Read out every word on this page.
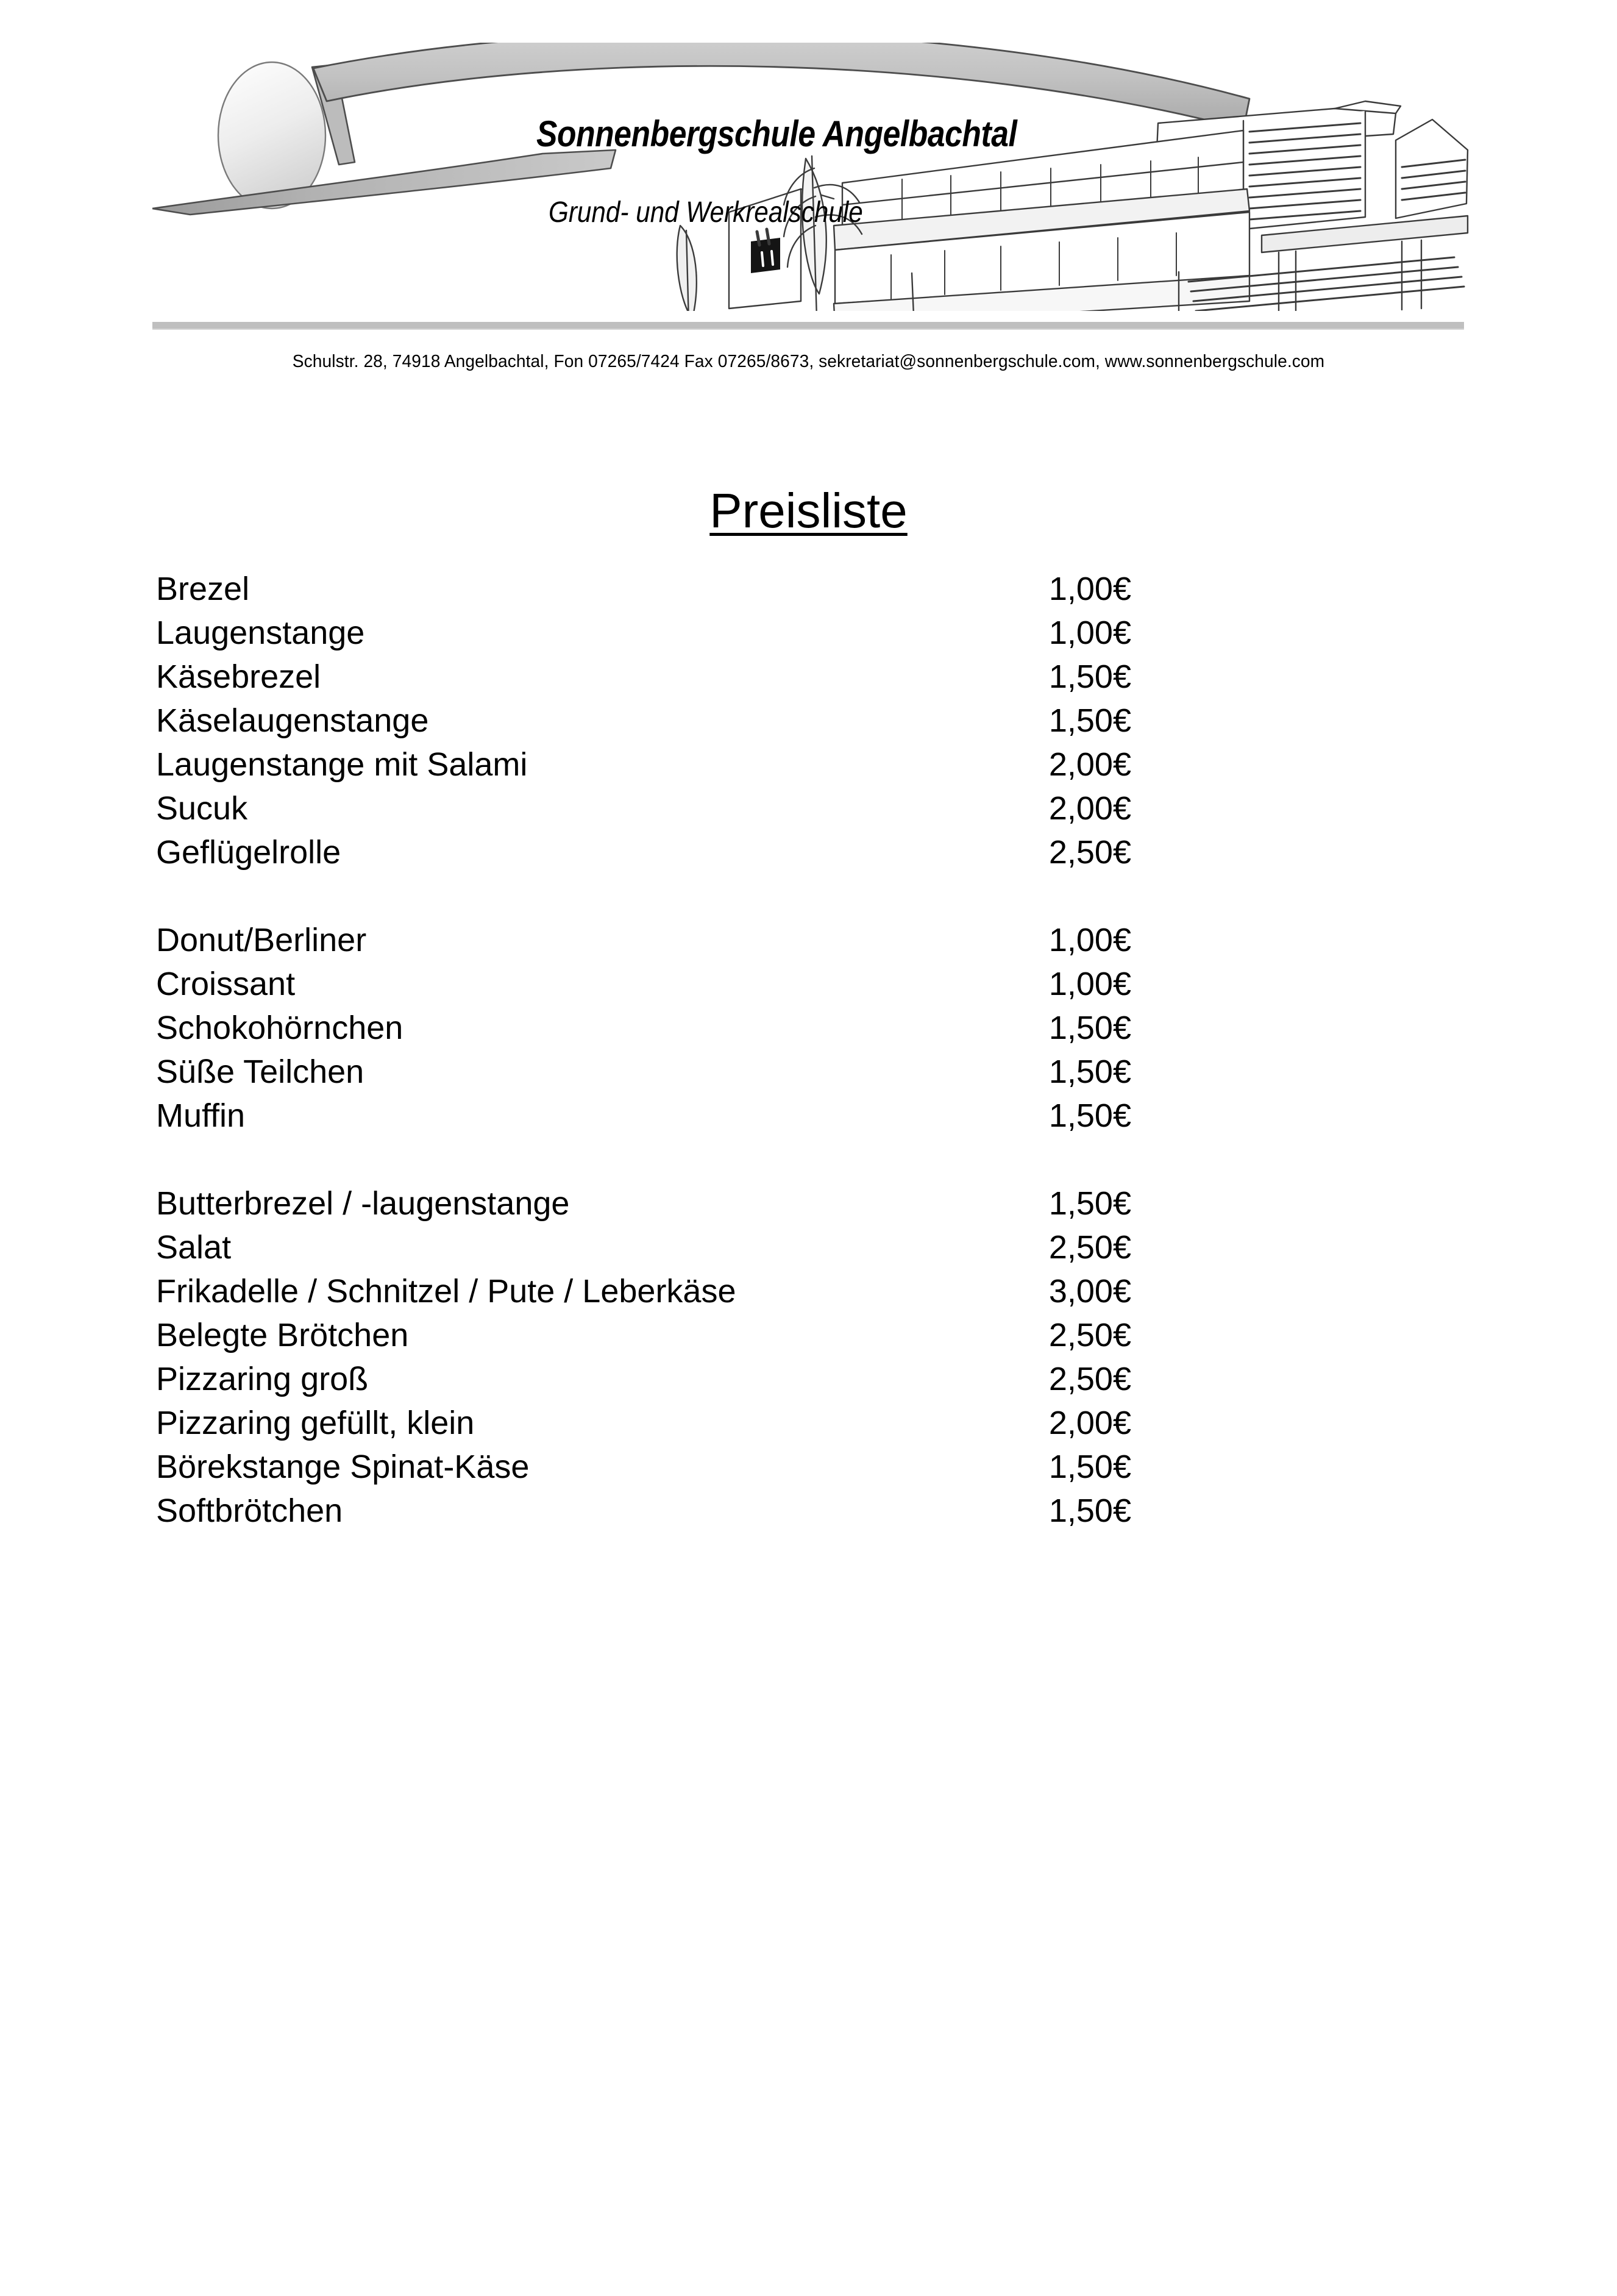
Sonnenbergschule Angelbachtal
Grund- und Werkrealschule
Schulstr. 28, 74918 Angelbachtal, Fon 07265/7424 Fax 07265/8673, sekretariat@sonnenbergschule.com, www.sonnenbergschule.com
Preisliste
Brezel	1,00€
Laugenstange	1,00€
Käsebrezel	1,50€
Käselaugenstange	1,50€
Laugenstange mit Salami	2,00€
Sucuk	2,00€
Geflügelrolle	2,50€
Donut/Berliner	1,00€
Croissant	1,00€
Schokohörnchen	1,50€
Süße Teilchen	1,50€
Muffin	1,50€
Butterbrezel / -laugenstange	1,50€
Salat	2,50€
Frikadelle / Schnitzel / Pute / Leberkäse	3,00€
Belegte Brötchen	2,50€
Pizzaring groß	2,50€
Pizzaring gefüllt, klein	2,00€
Börekstange Spinat-Käse	1,50€
Softbrötchen	1,50€
